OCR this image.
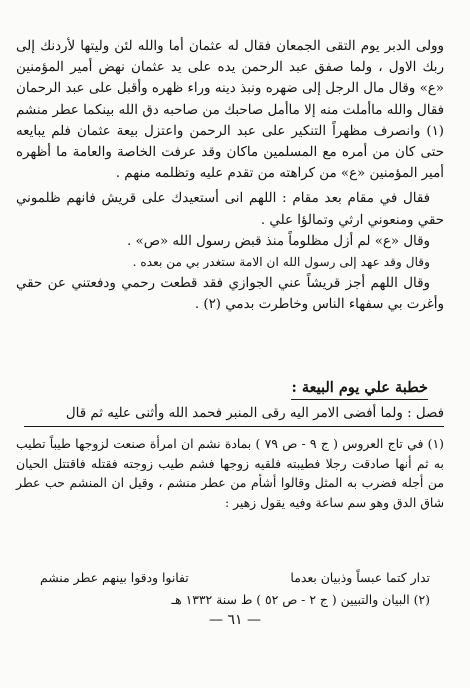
وولى الدبر يوم التقى الجمعان فقال له عثمان أما والله لئن وليتها لأردنك إلى ربك الاول ، ولما صفق عبد الرحمن يده على يد عثمان نهض أمير المؤمنين «ع» وقال مال الرجل إلى ضهره ونبذ دينه وراء ظهره وأقبل على عبد الرحمان فقال والله ماأملت منه إلا ماأمل صاحبك من صاحبه دق الله بينكما عطر منشم (١) وانصرف مظهراً التنكير على عبد الرحمن واعتزل بيعة عثمان فلم يبايعه حتى كان من أمره مع المسلمين ماكان وقد عرفت الخاصة والعامة ما أظهره أمير المؤمنين «ع» من كراهته من تقدم عليه وتظلمه منهم .

فقال في مقام بعد مقام : اللهم انى أستعيدك على قريش فانهم ظلموني حقي ومنعوني ارثي وتمالؤا علي .

وقال «ع» لم أزل مظلوماً منذ قبض رسول الله «ص» .

وقال وقد عهد إلى رسول الله ان الامة ستغدر بي من بعده .

وقال اللهم أجز قريشاً عني الجوازي فقد قطعت رحمي ودفعتني عن حقي وأغرت بي سفهاء الناس وخاطرت بدمي (٢) .

خطبة علي يوم البيعة :
فصل : ولما أفضى الامر اليه رقى المنبر فحمد الله وأثنى عليه ثم قال

(١) في تاج العروس ( ج ٩ - ص ٧٩ ) بمادة نشم ان امرأة صنعت لزوجها طيباً تطيب به ثم أنها صادقت رجلا فطيبته فلقيه زوجها فشم طيب زوجته فقتله فاقتتل الحيان من أجله فضرب به المثل وقالوا أشأم من عطر منشم ، وقيل ان المنشم حب عطر شاق الدق وهو سم ساعة وفيه يقول زهير :

تدار كتما عبساً وذبيان بعدما
تفانوا ودقوا بينهم عطر منشم
(٢) البيان والتبيين ( ج ٢ - ص ٥٢ ) ط سنة ١٣٣٢ هـ
— ٦١ —
